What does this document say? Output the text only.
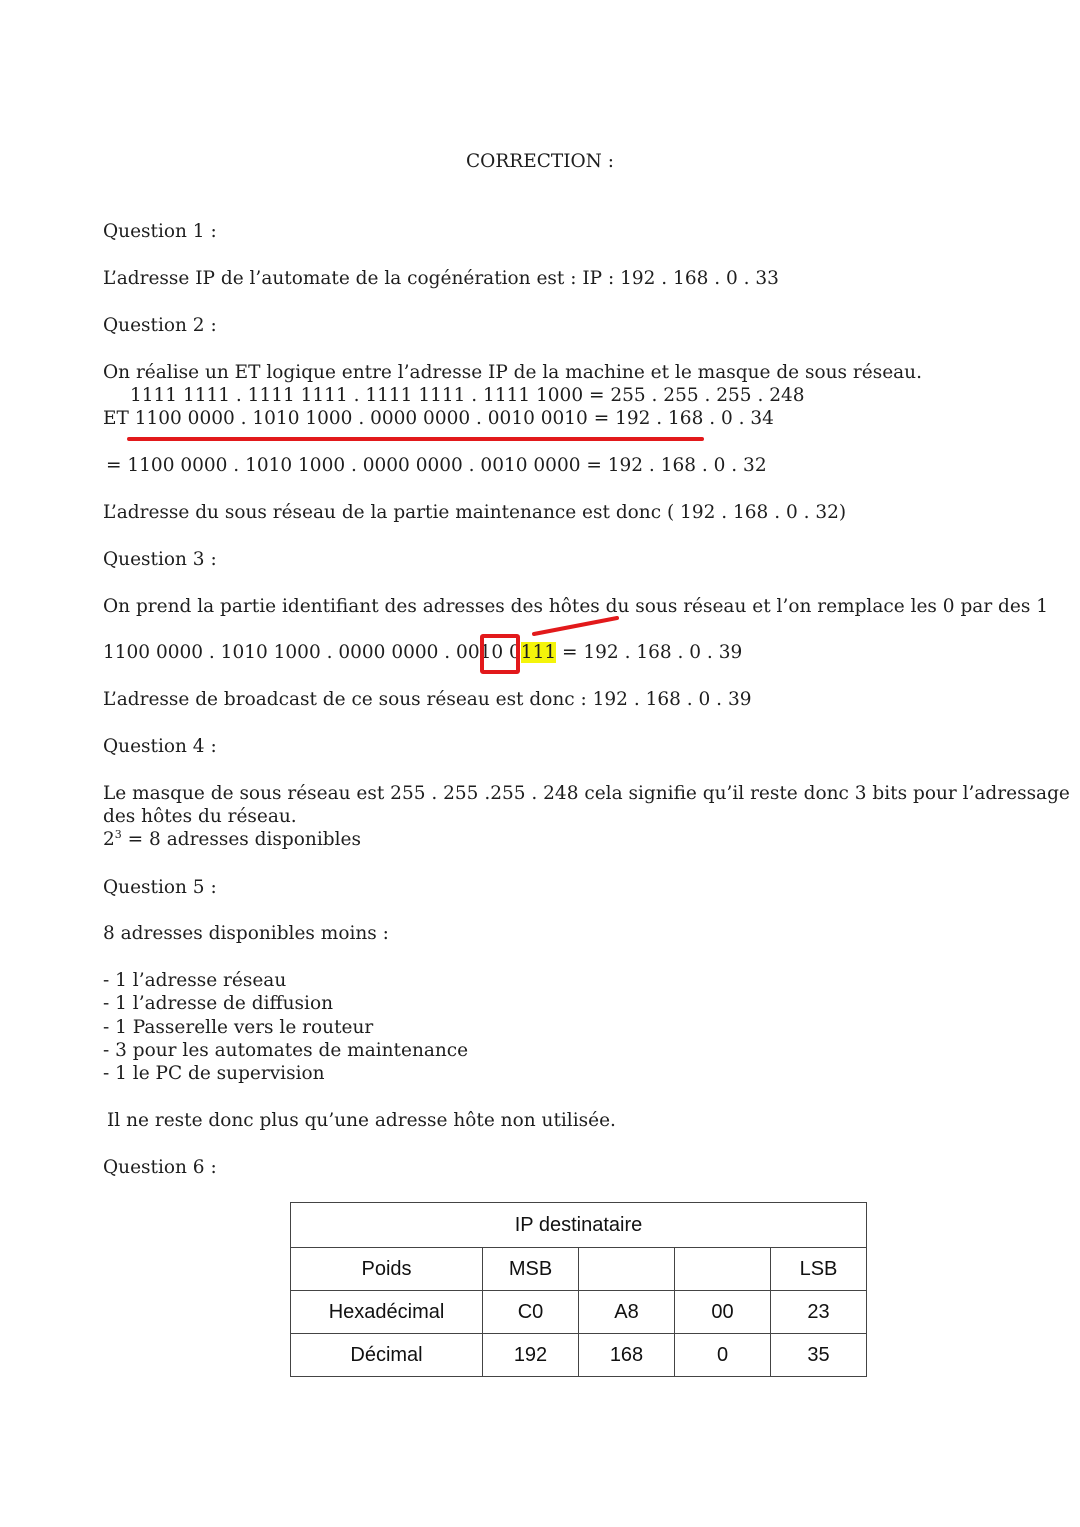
CORRECTION :
Question 1 :
L’adresse IP de l’automate de la cogénération est : IP : 192 . 168 . 0 . 33
Question 2 :
On réalise un ET logique entre l’adresse IP de la machine et le masque de sous réseau.
1111 1111 . 1111 1111 . 1111 1111 . 1111 1000 = 255 . 255 . 255 . 248
ET 1100 0000 . 1010 1000 . 0000 0000 . 0010 0010 = 192 . 168 . 0 . 34
= 1100 0000 . 1010 1000 . 0000 0000 . 0010 0000 = 192 . 168 . 0 . 32
L’adresse du sous réseau de la partie maintenance est donc ( 192 . 168 . 0 . 32)
Question 3 :
On prend la partie identifiant des adresses des hôtes du sous réseau et l’on remplace les 0 par des 1
1100 0000 . 1010 1000 . 0000 0000 . 0010 0111 = 192 . 168 . 0 . 39
L’adresse de broadcast de ce sous réseau est donc : 192 . 168 . 0 . 39
Question 4 :
Le masque de sous réseau est 255 . 255 .255 . 248 cela signifie qu’il reste donc 3 bits pour l’adressage
des hôtes du réseau.
$2^3 = 8$ adresses disponibles
Question 5 :
8 adresses disponibles moins :
- 1 l’adresse réseau
- 1 l’adresse de diffusion
- 1 Passerelle vers le routeur
- 3 pour les automates de maintenance
- 1 le PC de supervision
Il ne reste donc plus qu’une adresse hôte non utilisée.
Question 6 :
IP destinataire				
Poids	MSB			LSB
Hexadécimal	C0	A8	00	23
Décimal	192	168	0	35
